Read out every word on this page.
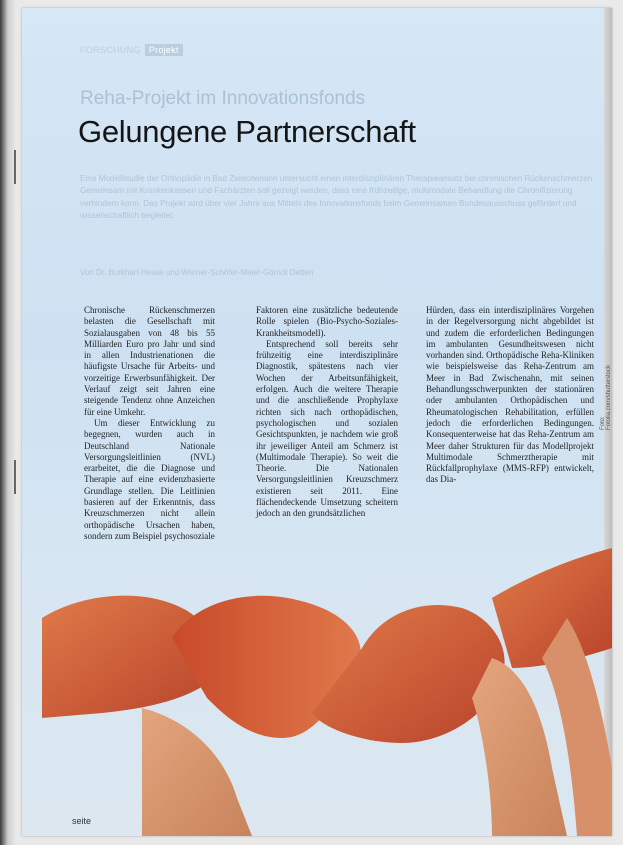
FORSCHUNG Projekt
Reha-Projekt im Innovationsfonds
Gelungene Partnerschaft

Eine Modellstudie der Orthopädie in Bad Zwischenahn untersucht einen interdisziplinären Therapieansatz bei chronischen Rückenschmerzen. Gemeinsam mit Krankenkassen und Fachärzten soll gezeigt werden, dass eine frühzeitige, multimodale Behandlung die Chronifizierung verhindern kann. Das Projekt wird über vier Jahre aus Mitteln des Innovationsfonds beim Gemeinsamen Bundesausschuss gefördert und wissenschaftlich begleitet.

Von Dr. Burkhart Hesse und Werner-Schöfer-Meier-Görndt Detten

Chronische Rückenschmerzen belasten die Gesellschaft mit Sozialausgaben von 48 bis 55 Milliarden Euro pro Jahr und sind in allen Industrienationen die häufigste Ursache für Arbeits- und vorzeitige Erwerbsunfähigkeit. Der Verlauf zeigt seit Jahren eine steigende Tendenz ohne Anzeichen für eine Umkehr.

Um dieser Entwicklung zu begegnen, wurden auch in Deutschland Nationale Versorgungsleitlinien (NVL) erarbeitet, die die Diagnose und Therapie auf eine evidenzbasierte Grundlage stellen. Die Leitlinien basieren auf der Erkenntnis, dass Kreuzschmerzen nicht allein orthopädische Ursachen haben, sondern zum Beispiel psychosoziale

Faktoren eine zusätzliche bedeutende Rolle spielen (Bio-Psycho-Soziales-Krankheitsmodell).

Entsprechend soll bereits sehr frühzeitig eine interdisziplinäre Diagnostik, spätestens nach vier Wochen der Arbeitsunfähigkeit, erfolgen. Auch die weitere Therapie und die anschließende Prophylaxe richten sich nach orthopädischen, psychologischen und sozialen Gesichtspunkten, je nachdem wie groß ihr jeweiliger Anteil am Schmerz ist (Multimodale Therapie). So weit die Theorie. Die Nationalen Versorgungsleitlinien Kreuzschmerz existieren seit 2011. Eine flächendeckende Umsetzung scheitern jedoch an den grundsätzlichen

Hürden, dass ein interdisziplinäres Vorgehen in der Regelversorgung nicht abgebildet ist und zudem die erforderlichen Bedingungen im ambulanten Gesundheitswesen nicht vorhanden sind. Orthopädische Reha-Kliniken wie beispielsweise das Reha-Zentrum am Meer in Bad Zwischenahn, mit seinen Behandlungsschwerpunkten der stationären oder ambulanten Orthopädischen und Rheumatologischen Rehabilitation, erfüllen jedoch die erforderlichen Bedingungen. Konsequenterweise hat das Reha-Zentrum am Meer daher Strukturen für das Modellprojekt Multimodale Schmerztherapie mit Rückfallprophylaxe (MMS-RFP) entwickelt, das Dia-

Foto: Fotolia.com/shutterstock
seite
